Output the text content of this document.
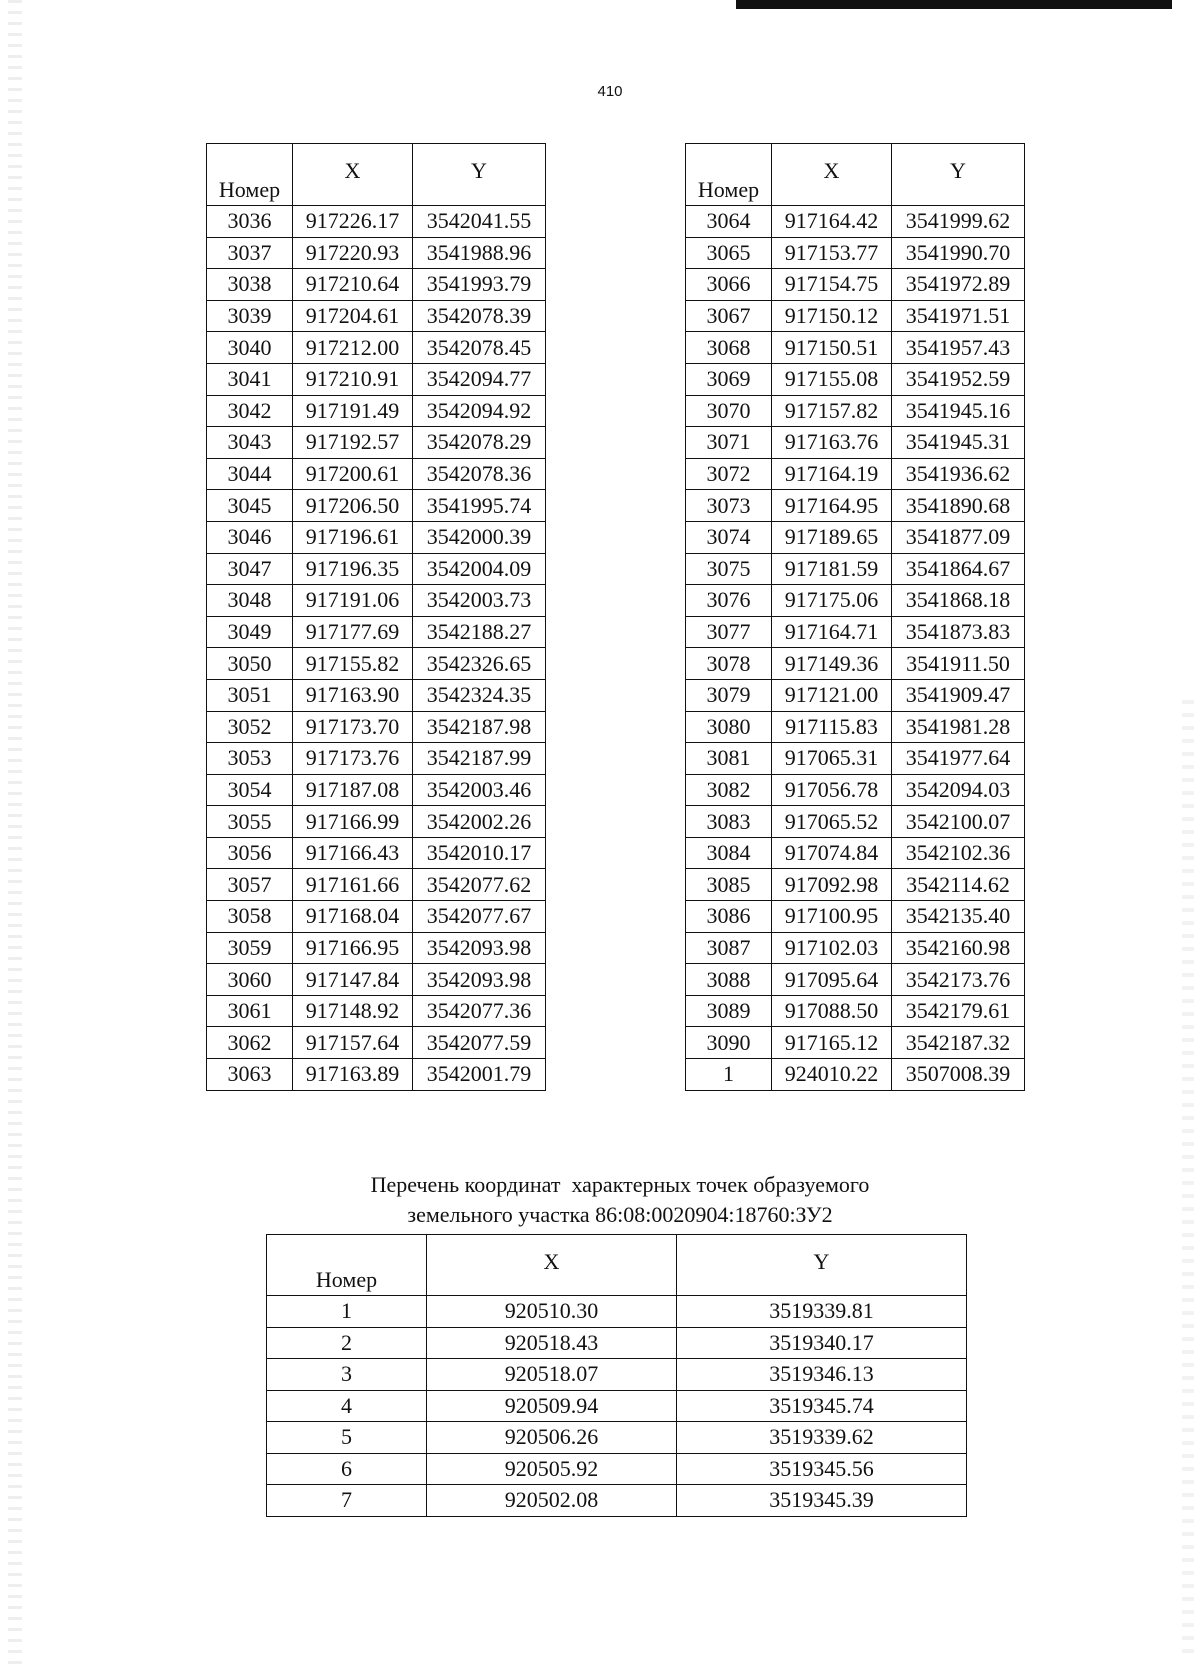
410
Номер	X	Y

3036	917226.17	3542041.55
3037	917220.93	3541988.96
3038	917210.64	3541993.79
3039	917204.61	3542078.39
3040	917212.00	3542078.45
3041	917210.91	3542094.77
3042	917191.49	3542094.92
3043	917192.57	3542078.29
3044	917200.61	3542078.36
3045	917206.50	3541995.74
3046	917196.61	3542000.39
3047	917196.35	3542004.09
3048	917191.06	3542003.73
3049	917177.69	3542188.27
3050	917155.82	3542326.65
3051	917163.90	3542324.35
3052	917173.70	3542187.98
3053	917173.76	3542187.99
3054	917187.08	3542003.46
3055	917166.99	3542002.26
3056	917166.43	3542010.17
3057	917161.66	3542077.62
3058	917168.04	3542077.67
3059	917166.95	3542093.98
3060	917147.84	3542093.98
3061	917148.92	3542077.36
3062	917157.64	3542077.59
3063	917163.89	3542001.79
Номер	X	Y

3064	917164.42	3541999.62
3065	917153.77	3541990.70
3066	917154.75	3541972.89
3067	917150.12	3541971.51
3068	917150.51	3541957.43
3069	917155.08	3541952.59
3070	917157.82	3541945.16
3071	917163.76	3541945.31
3072	917164.19	3541936.62
3073	917164.95	3541890.68
3074	917189.65	3541877.09
3075	917181.59	3541864.67
3076	917175.06	3541868.18
3077	917164.71	3541873.83
3078	917149.36	3541911.50
3079	917121.00	3541909.47
3080	917115.83	3541981.28
3081	917065.31	3541977.64
3082	917056.78	3542094.03
3083	917065.52	3542100.07
3084	917074.84	3542102.36
3085	917092.98	3542114.62
3086	917100.95	3542135.40
3087	917102.03	3542160.98
3088	917095.64	3542173.76
3089	917088.50	3542179.61
3090	917165.12	3542187.32
1	924010.22	3507008.39
Перечень координат  характерных точек образуемого
земельного участка 86:08:0020904:18760:ЗУ2
Номер	X	Y

1	920510.30	3519339.81
2	920518.43	3519340.17
3	920518.07	3519346.13
4	920509.94	3519345.74
5	920506.26	3519339.62
6	920505.92	3519345.56
7	920502.08	3519345.39
